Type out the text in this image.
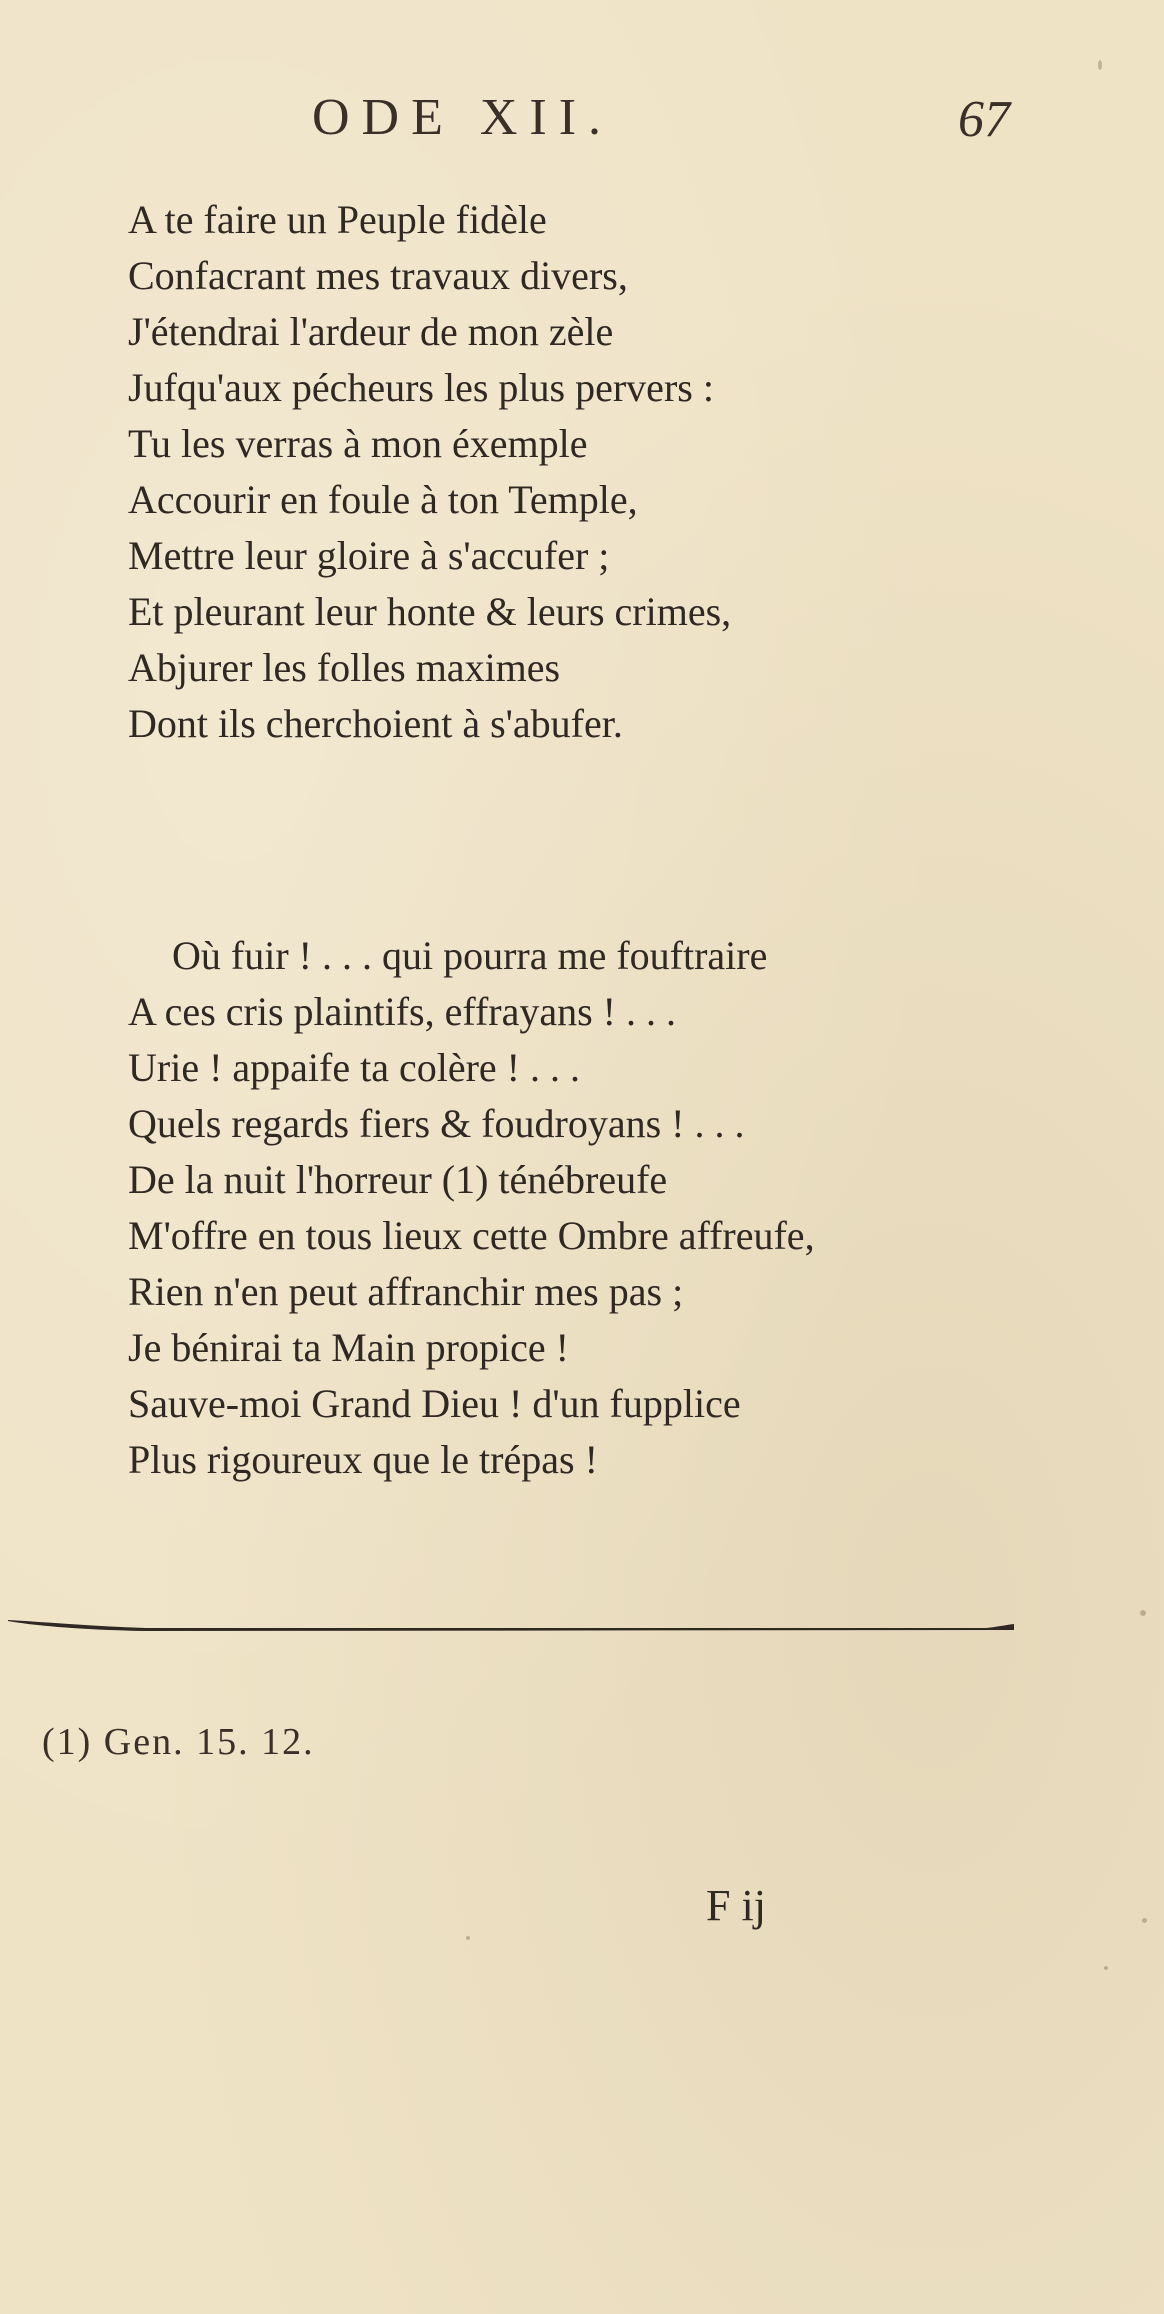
ODE XII.	67
A te faire un Peuple fidèle
Confacrant mes travaux divers,
J'étendrai l'ardeur de mon zèle
Jufqu'aux pécheurs les plus pervers :
Tu les verras à mon éxemple
Accourir en foule à ton Temple,
Mettre leur gloire à s'accufer ;
Et pleurant leur honte & leurs crimes,
Abjurer les folles maximes
Dont ils cherchoient à s'abufer.
Où fuir ! . . . qui pourra me fouftraire
A ces cris plaintifs, effrayans ! . . .
Urie ! appaife ta colère ! . . .
Quels regards fiers & foudroyans ! . . .
De la nuit l'horreur (1) ténébreufe
M'offre en tous lieux cette Ombre affreufe,
Rien n'en peut affranchir mes pas ;
Je bénirai ta Main propice !
Sauve-moi Grand Dieu ! d'un fupplice
Plus rigoureux que le trépas !
(1) Gen. 15. 12.
F ij
